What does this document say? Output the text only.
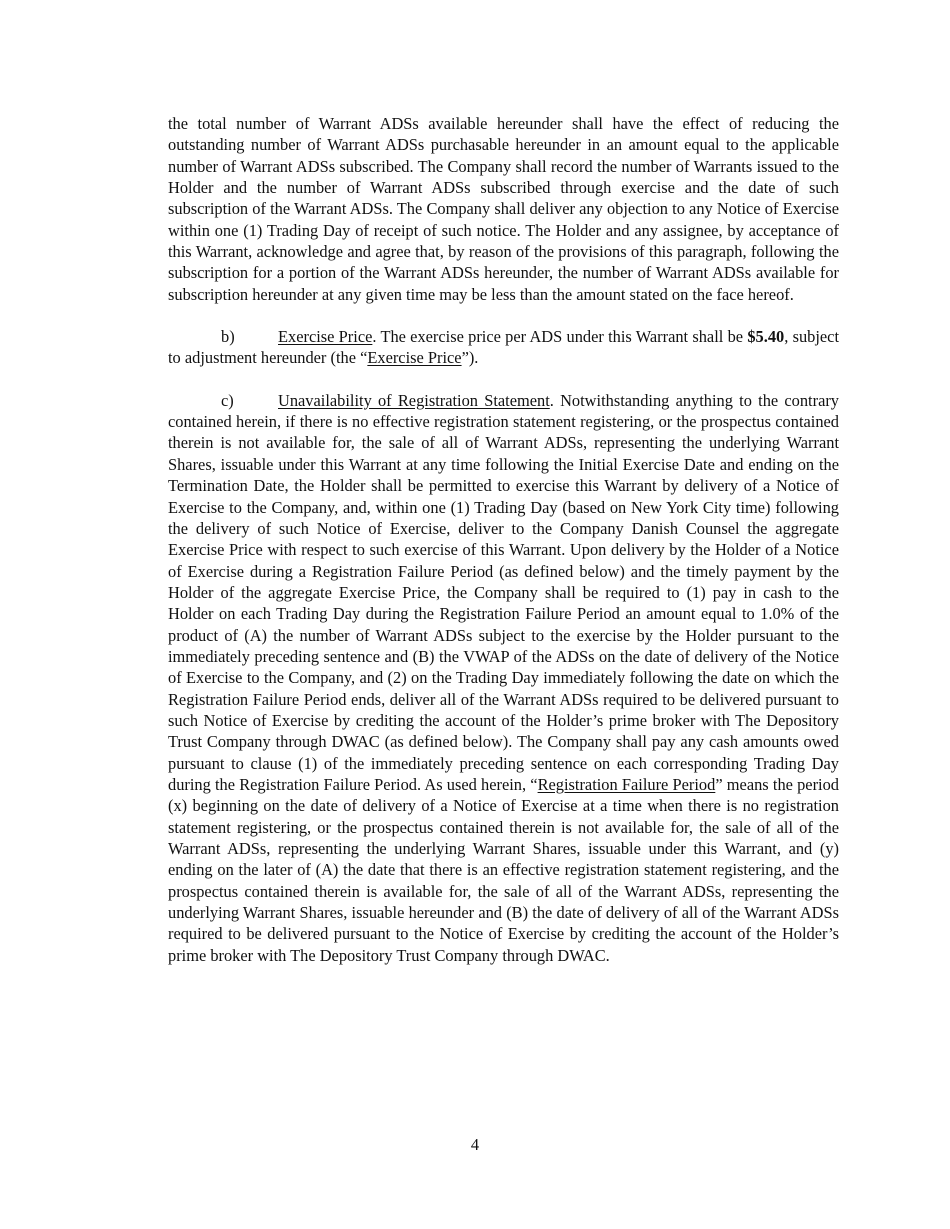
the total number of Warrant ADSs available hereunder shall have the effect of reducing the outstanding number of Warrant ADSs purchasable hereunder in an amount equal to the applicable number of Warrant ADSs subscribed. The Company shall record the number of Warrants issued to the Holder and the number of Warrant ADSs subscribed through exercise and the date of such subscription of the Warrant ADSs. The Company shall deliver any objection to any Notice of Exercise within one (1) Trading Day of receipt of such notice. The Holder and any assignee, by acceptance of this Warrant, acknowledge and agree that, by reason of the provisions of this paragraph, following the subscription for a portion of the Warrant ADSs hereunder, the number of Warrant ADSs available for subscription hereunder at any given time may be less than the amount stated on the face hereof.

b)	Exercise Price. The exercise price per ADS under this Warrant shall be $5.40, subject to adjustment hereunder (the “Exercise Price”).

c)	Unavailability of Registration Statement. Notwithstanding anything to the contrary contained herein, if there is no effective registration statement registering, or the prospectus contained therein is not available for, the sale of all of Warrant ADSs, representing the underlying Warrant Shares, issuable under this Warrant at any time following the Initial Exercise Date and ending on the Termination Date, the Holder shall be permitted to exercise this Warrant by delivery of a Notice of Exercise to the Company, and, within one (1) Trading Day (based on New York City time) following the delivery of such Notice of Exercise, deliver to the Company Danish Counsel the aggregate Exercise Price with respect to such exercise of this Warrant. Upon delivery by the Holder of a Notice of Exercise during a Registration Failure Period (as defined below) and the timely payment by the Holder of the aggregate Exercise Price, the Company shall be required to (1) pay in cash to the Holder on each Trading Day during the Registration Failure Period an amount equal to 1.0% of the product of (A) the number of Warrant ADSs subject to the exercise by the Holder pursuant to the immediately preceding sentence and (B) the VWAP of the ADSs on the date of delivery of the Notice of Exercise to the Company, and (2) on the Trading Day immediately following the date on which the Registration Failure Period ends, deliver all of the Warrant ADSs required to be delivered pursuant to such Notice of Exercise by crediting the account of the Holder’s prime broker with The Depository Trust Company through DWAC (as defined below). The Company shall pay any cash amounts owed pursuant to clause (1) of the immediately preceding sentence on each corresponding Trading Day during the Registration Failure Period. As used herein, “Registration Failure Period” means the period (x) beginning on the date of delivery of a Notice of Exercise at a time when there is no registration statement registering, or the prospectus contained therein is not available for, the sale of all of the Warrant ADSs, representing the underlying Warrant Shares, issuable under this Warrant, and (y) ending on the later of (A) the date that there is an effective registration statement registering, and the prospectus contained therein is available for, the sale of all of the Warrant ADSs, representing the underlying Warrant Shares, issuable hereunder and (B) the date of delivery of all of the Warrant ADSs required to be delivered pursuant to the Notice of Exercise by crediting the account of the Holder’s prime broker with The Depository Trust Company through DWAC.

4
